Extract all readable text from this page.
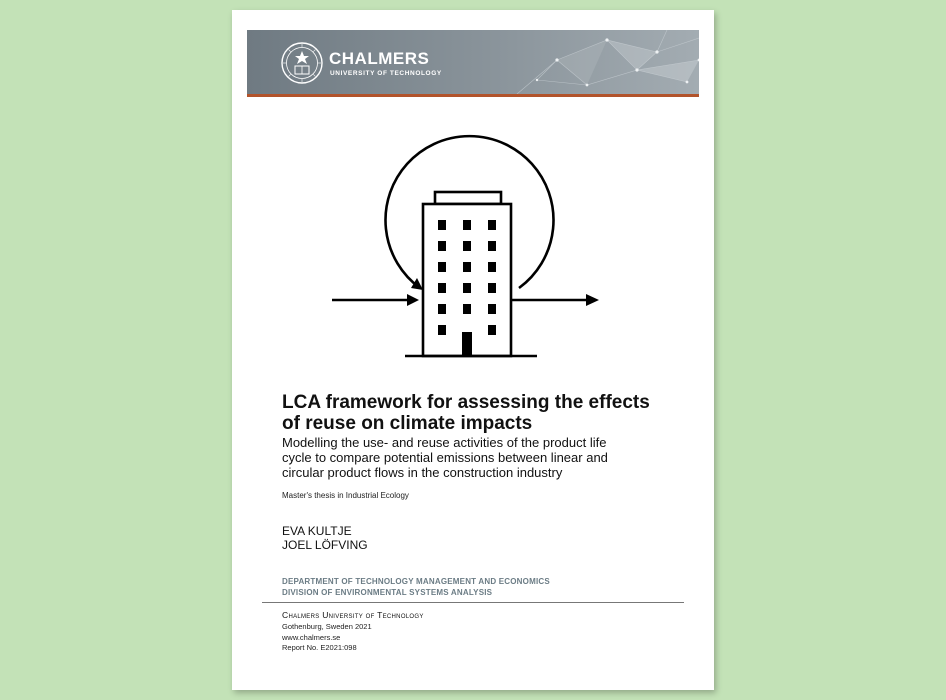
CHALMERS
UNIVERSITY OF TECHNOLOGY
LCA framework for assessing the effects
of reuse on climate impacts
Modelling the use- and reuse activities of the product life
cycle to compare potential emissions between linear and
circular product flows in the construction industry
Master's thesis in Industrial Ecology
EVA KULTJE
JOEL LÖFVING
DEPARTMENT OF TECHNOLOGY MANAGEMENT AND ECONOMICS
DIVISION OF ENVIRONMENTAL SYSTEMS ANALYSIS
Chalmers University of Technology
Gothenburg, Sweden 2021
www.chalmers.se
Report No. E2021:098
